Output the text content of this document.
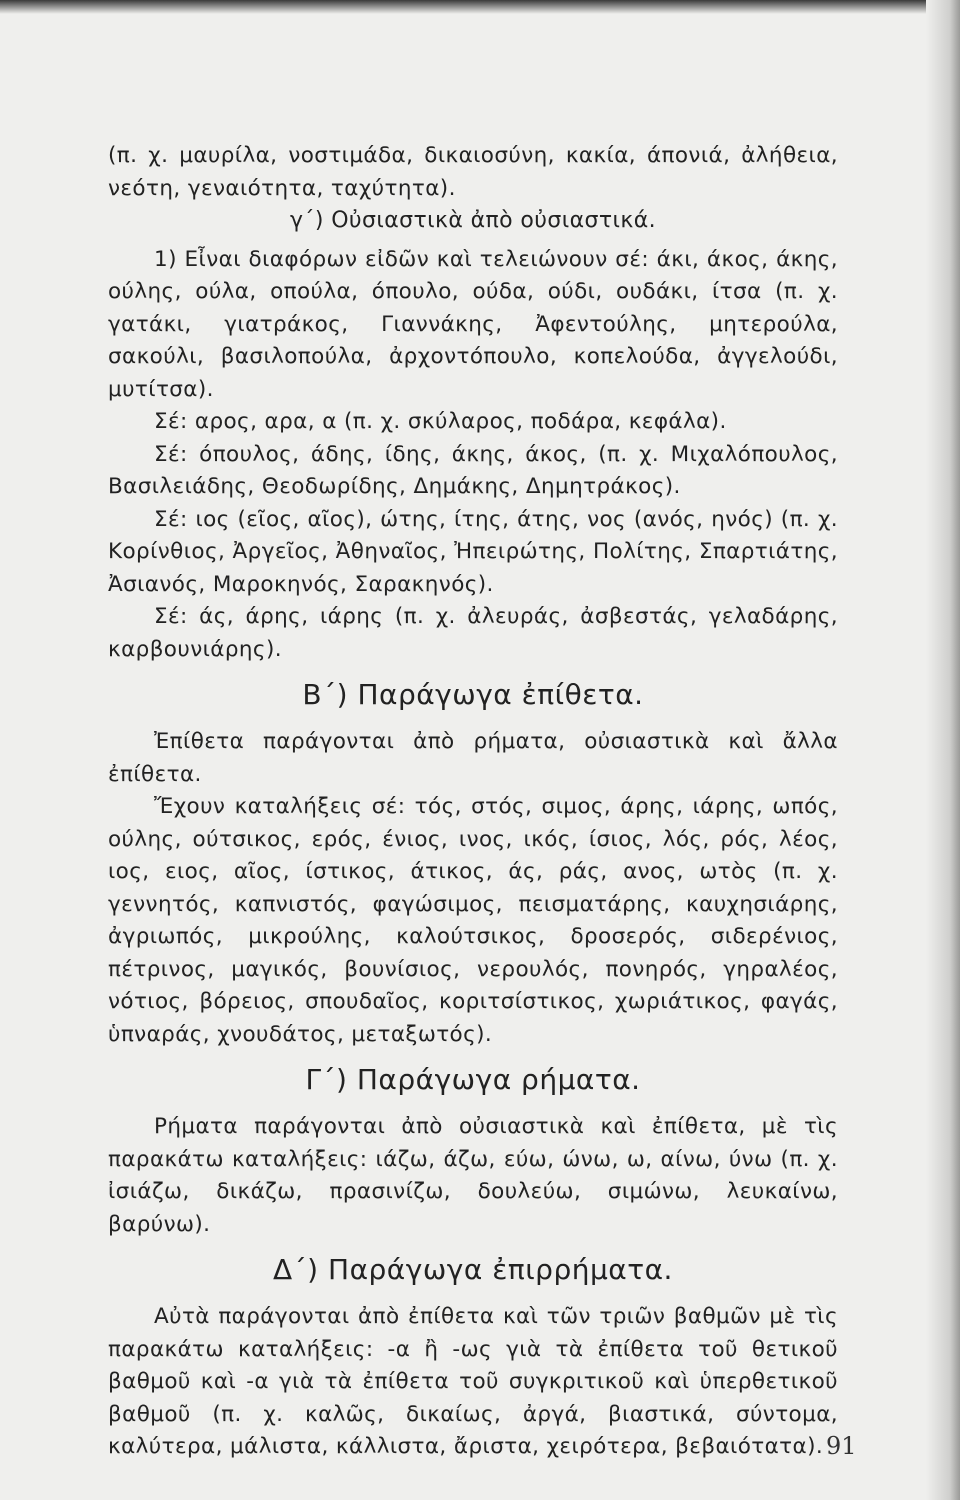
(π. χ. μαυρίλα, νοστιμάδα, δικαιοσύνη, κακία, άπονιά, ἀλήθεια, νεότη, γεναιότητα, ταχύτητα).

γ΄) Οὐσιαστικὰ ἀπὸ οὐσιαστικά.

1) Εἶναι διαφόρων εἰδῶν καὶ τελειώνουν σέ: άκι, άκος, άκης, ούλης, ούλα, οπούλα, όπουλο, ούδα, ούδι, ουδάκι, ίτσα (π. χ. γατάκι, γιατράκος, Γιαννάκης, Ἀφεντούλης, μητερούλα, σακούλι, βασιλοπούλα, ἀρχοντόπουλο, κοπελούδα, ἀγγελούδι, μυτίτσα).

Σέ: αρος, αρα, α (π. χ. σκύλαρος, ποδάρα, κεφάλα).

Σέ: όπουλος, άδης, ίδης, άκης, άκος, (π. χ. Μιχαλόπουλος, Βασιλειάδης, Θεοδωρίδης, Δημάκης, Δημητράκος).

Σέ: ιος (εῖος, αῖος), ώτης, ίτης, άτης, νος (ανός, ηνός) (π. χ. Κορίνθιος, Ἀργεῖος, Ἀθηναῖος, Ἠπειρώτης, Πολίτης, Σπαρτιάτης, Ἀσιανός, Μαροκηνός, Σαρακηνός).

Σέ: άς, άρης, ιάρης (π. χ. ἀλευράς, ἀσβεστάς, γελαδάρης, καρβουνιάρης).

Β΄) Παράγωγα ἐπίθετα.

Ἐπίθετα παράγονται ἀπὸ ρήματα, οὐσιαστικὰ καὶ ἄλλα ἐπίθετα.

Ἔχουν καταλήξεις σέ: τός, στός, σιμος, άρης, ιάρης, ωπός, ούλης, ούτσικος, ερός, ένιος, ινος, ικός, ίσιος, λός, ρός, λέος, ιος, ειος, αῖος, ίστικος, άτικος, άς, ράς, ανος, ωτὸς (π. χ. γεννητός, καπνιστός, φαγώσιμος, πεισματάρης, καυχησιάρης, ἀγριωπός, μικρούλης, καλούτσικος, δροσερός, σιδερένιος, πέτρινος, μαγικός, βουνίσιος, νερουλός, πονηρός, γηραλέος, νότιος, βόρειος, σπουδαῖος, κοριτσίστικος, χωριάτικος, φαγάς, ὑπναράς, χνουδάτος, μεταξωτός).

Γ΄) Παράγωγα ρήματα.

Ρήματα παράγονται ἀπὸ οὐσιαστικὰ καὶ ἐπίθετα, μὲ τὶς παρακάτω καταλήξεις: ιάζω, άζω, εύω, ώνω, ω, αίνω, ύνω (π. χ. ἰσιάζω, δικάζω, πρασινίζω, δουλεύω, σιμώνω, λευκαίνω, βαρύνω).

Δ΄) Παράγωγα ἐπιρρήματα.

Αὐτὰ παράγονται ἀπὸ ἐπίθετα καὶ τῶν τριῶν βαθμῶν μὲ τὶς παρακάτω καταλήξεις: -α ἢ -ως γιὰ τὰ ἐπίθετα τοῦ θετικοῦ βαθμοῦ καὶ -α γιὰ τὰ ἐπίθετα τοῦ συγκριτικοῦ καὶ ὑπερθετικοῦ βαθμοῦ (π. χ. καλῶς, δικαίως, ἀργά, βιαστικά, σύντομα, καλύτερα, μάλιστα, κάλλιστα, ἄριστα, χειρότερα, βεβαιότατα). 91
